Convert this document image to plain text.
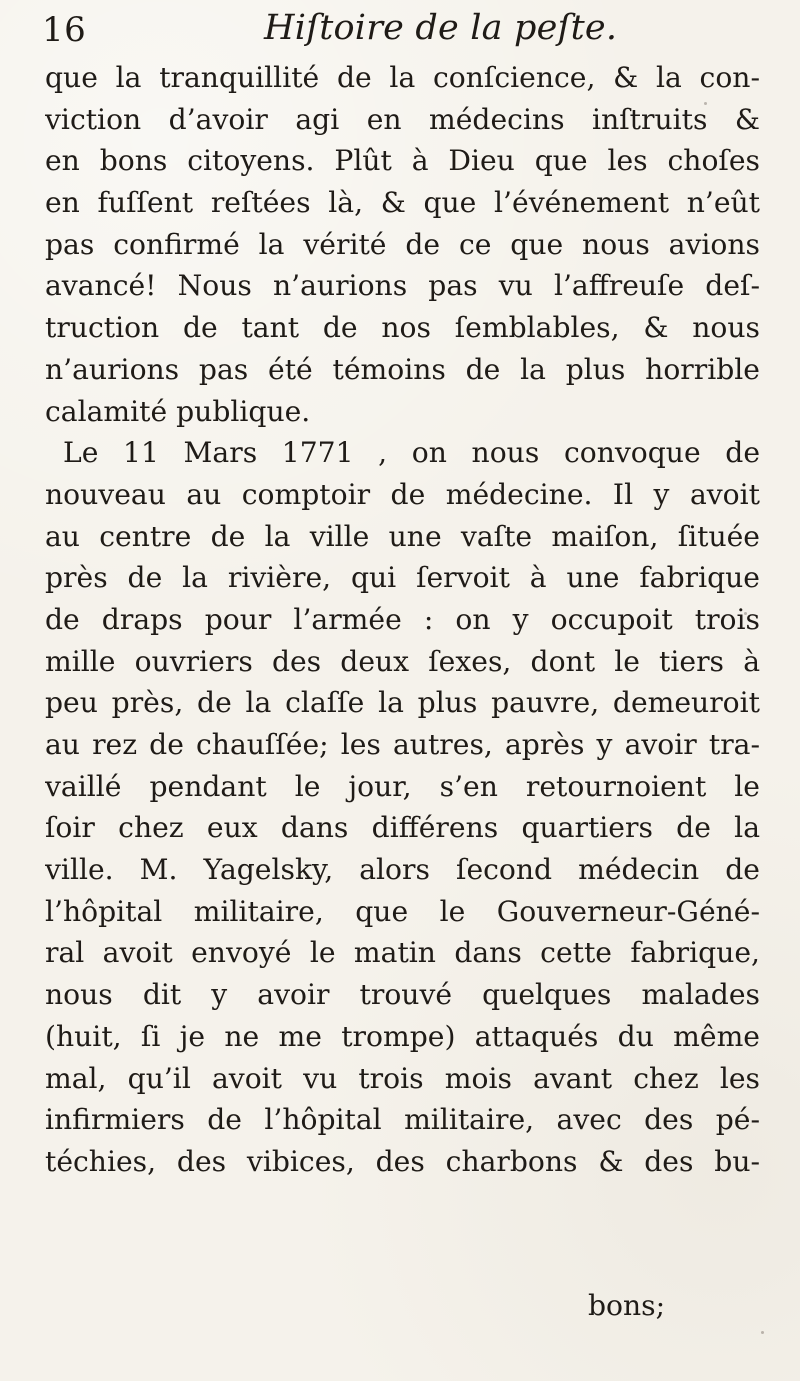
16	Hiſtoire de la peſte.
que la tranquillité de la conſcience, & la con-
viction d’avoir agi en médecins inſtruits &
en bons citoyens. Plût à Dieu que les choſes
en fuſſent reſtées là, & que l’événement n’eût
pas confirmé la vérité de ce que nous avions
avancé! Nous n’aurions pas vu l’affreuſe deſ-
truction de tant de nos ſemblables, & nous
n’aurions pas été témoins de la plus horrible
calamité publique.
Le 11 Mars 1771 , on nous convoque de
nouveau au comptoir de médecine. Il y avoit
au centre de la ville une vaſte maiſon, ſituée
près de la rivière, qui ſervoit à une fabrique
de draps pour l’armée : on y occupoit trois
mille ouvriers des deux ſexes, dont le tiers à
peu près, de la claſſe la plus pauvre, demeuroit
au rez de chauſſée; les autres, après y avoir tra-
vaillé pendant le jour, s’en retournoient le
ſoir chez eux dans différens quartiers de la
ville. M. Yagelsky, alors ſecond médecin de
l’hôpital militaire, que le Gouverneur-Géné-
ral avoit envoyé le matin dans cette fabrique,
nous dit y avoir trouvé quelques malades
(huit, ſi je ne me trompe) attaqués du même
mal, qu’il avoit vu trois mois avant chez les
infirmiers de l’hôpital militaire, avec des pé-
téchies, des vibices, des charbons & des bu-
bons;
